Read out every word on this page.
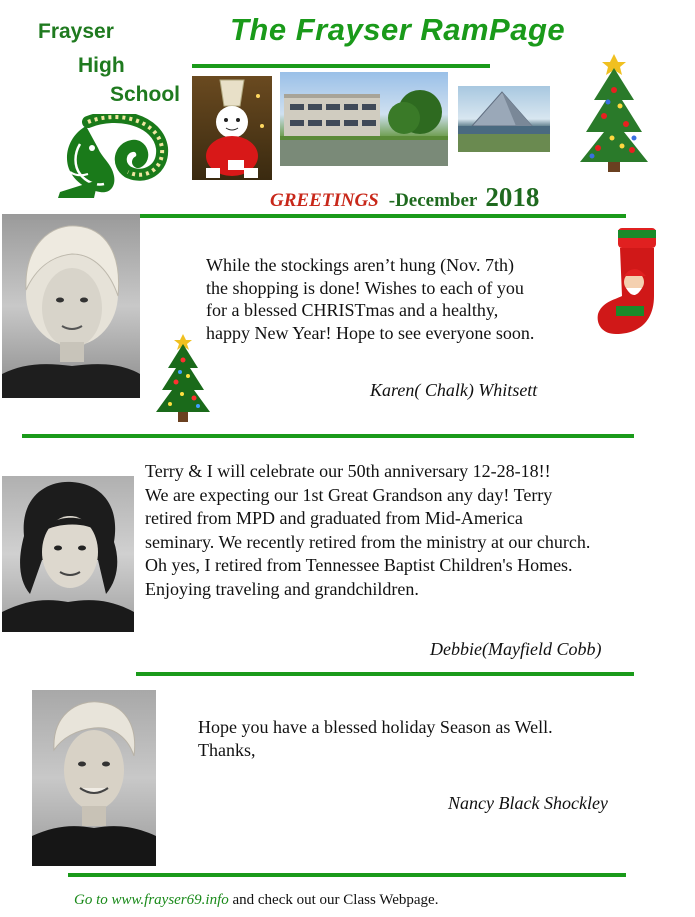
Frayser
High
School
The Frayser RamPage
GREETINGS -December 2018
While the stockings aren’t hung (Nov. 7th)
the shopping is done! Wishes to each of you
for a blessed CHRISTmas and a healthy,
happy New Year! Hope to see everyone soon.
Karen( Chalk) Whitsett
Terry & I will celebrate our 50th anniversary 12-28-18!!
We are expecting our 1st Great Grandson any day! Terry
retired from MPD and graduated from Mid-America
seminary. We recently retired from the ministry at our church.
Oh yes, I retired from Tennessee Baptist Children's Homes.
Enjoying traveling and grandchildren.
Debbie(Mayfield Cobb)
Hope you have a blessed holiday Season as Well.
Thanks,
Nancy Black Shockley
Go to www.frayser69.info and check out our Class Webpage.
